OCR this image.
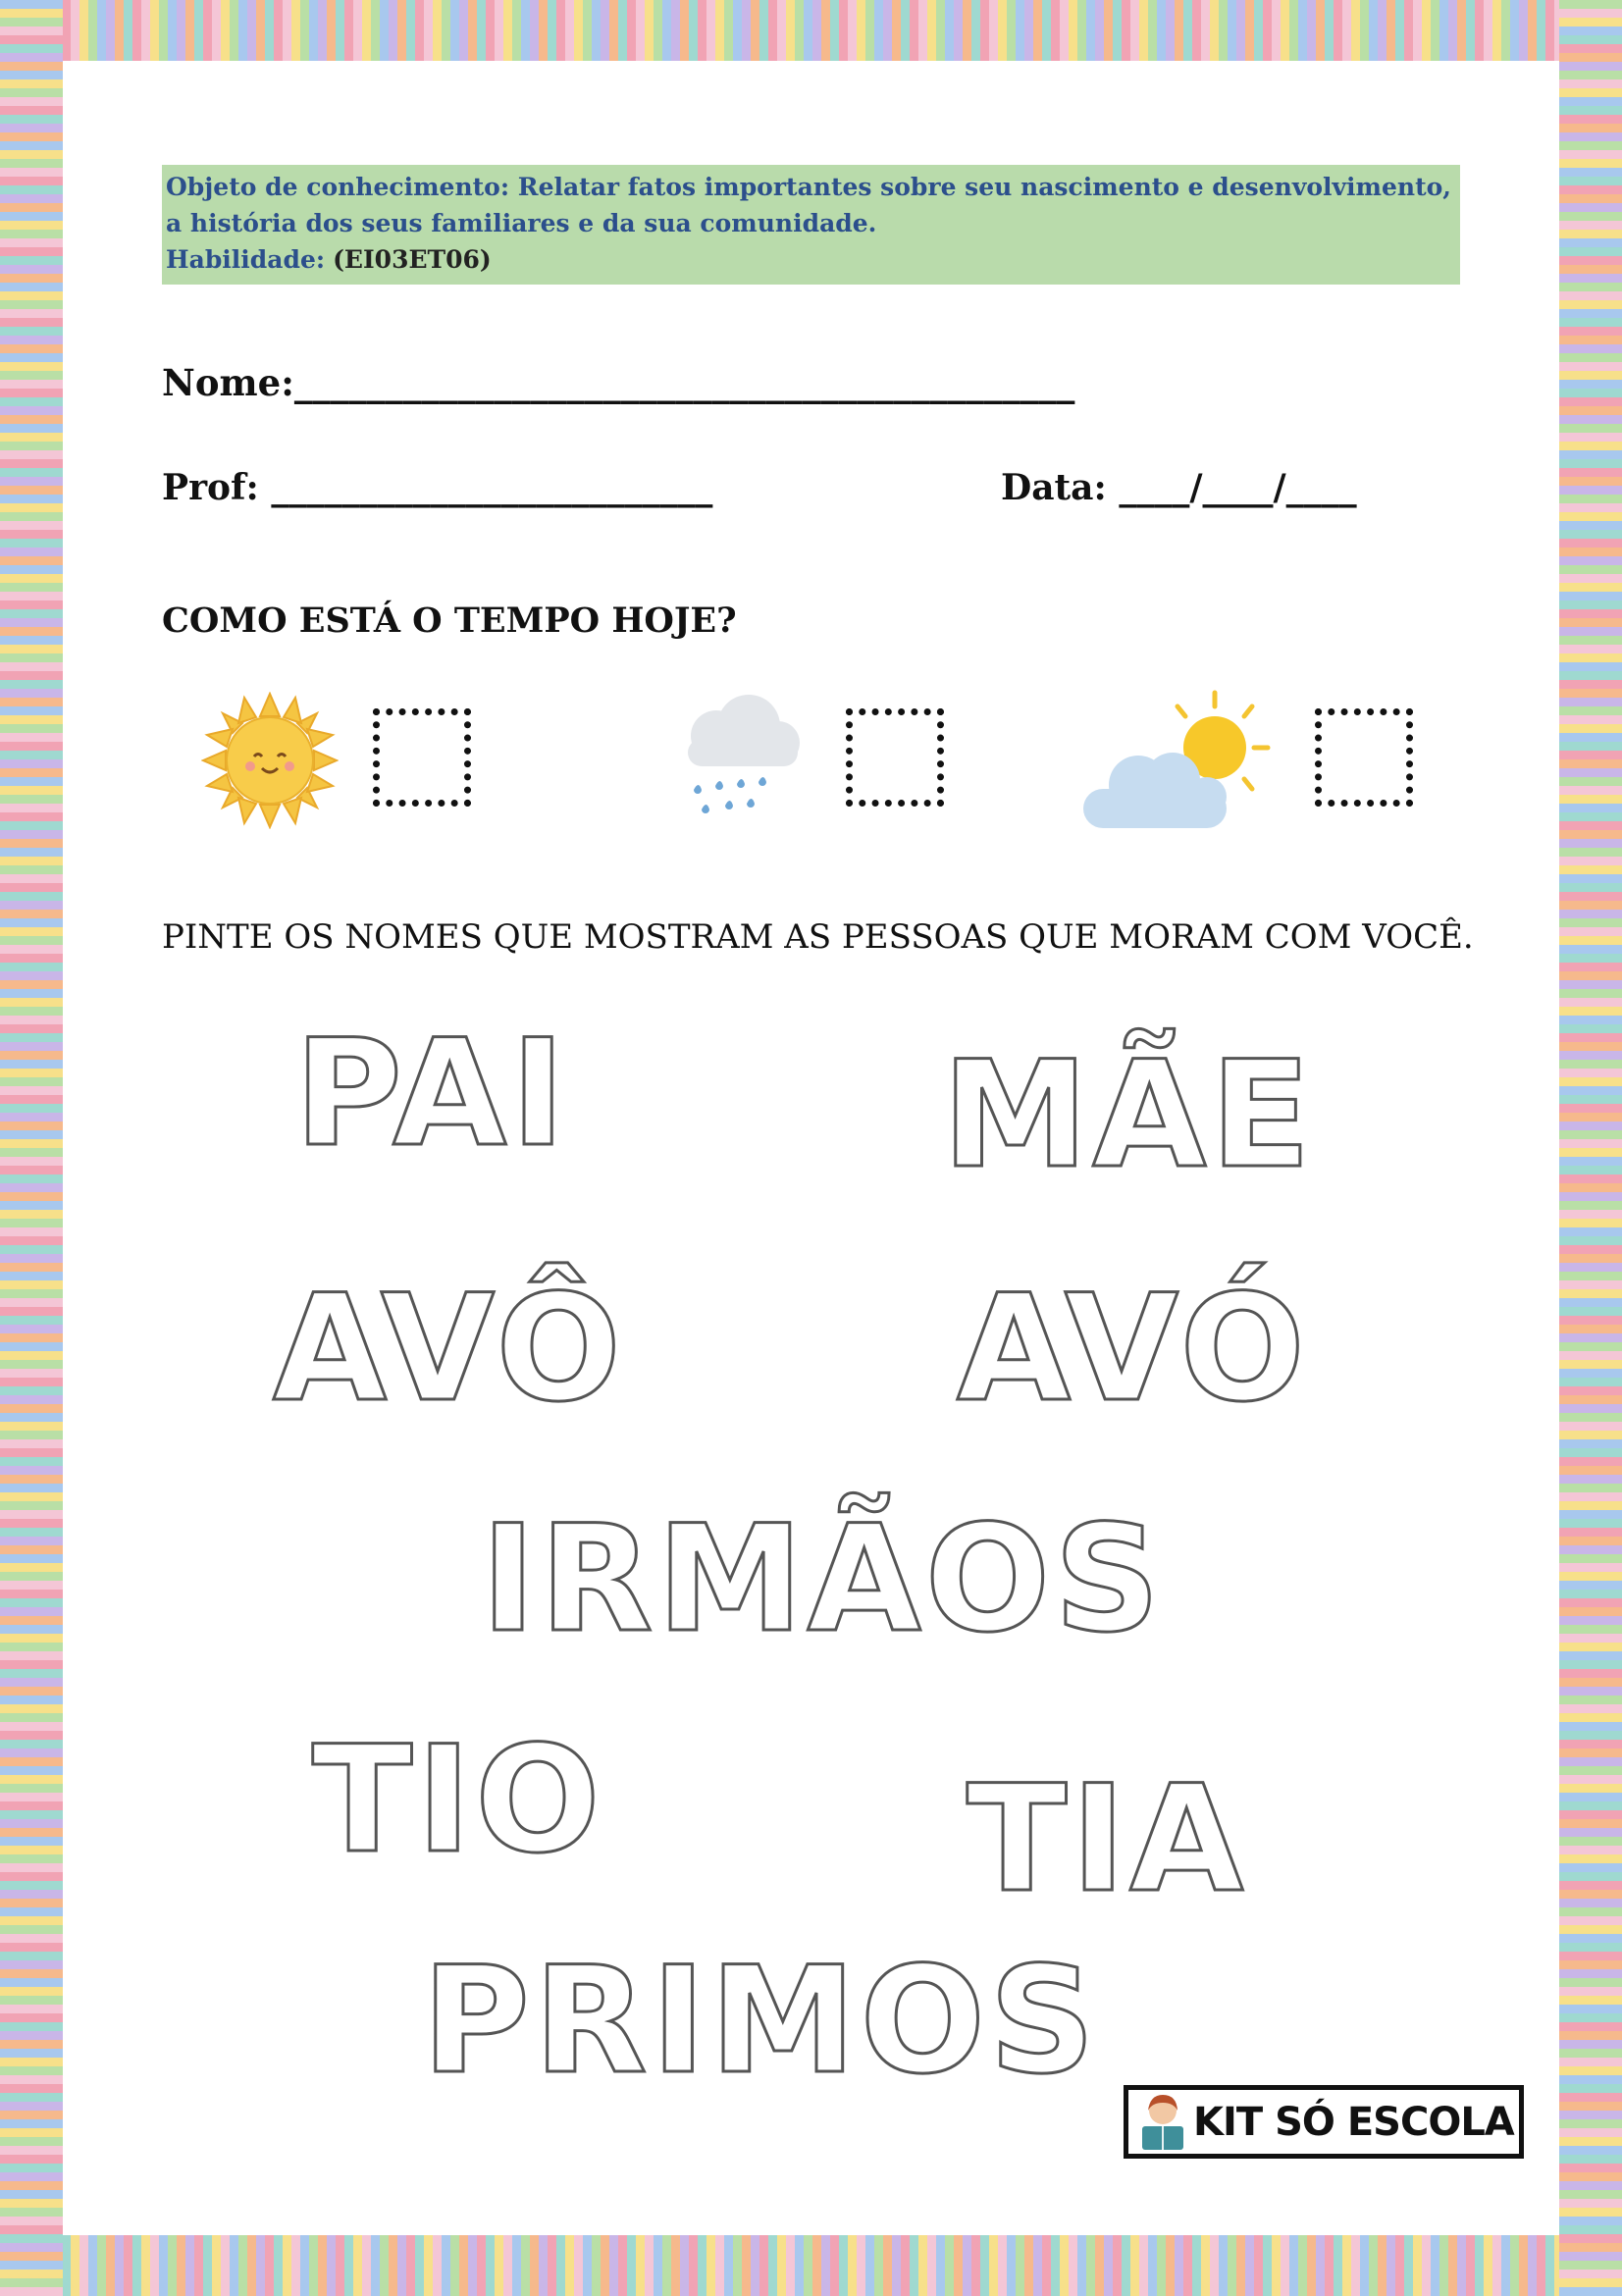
Objeto de conhecimento: Relatar fatos importantes sobre seu nascimento e desenvolvimento, a história dos seus familiares e da sua comunidade.
Habilidade: (EI03ET06)
Nome:___________________________________________
Prof: _________________________	Data: ____/____/____
COMO ESTÁ O TEMPO HOJE?
PINTE OS NOMES QUE MOSTRAM AS PESSOAS QUE MORAM COM VOCÊ.
PAI	MÃE
AVÔ AVÓ
IRMÃOS
TIO TIA
PRIMOS
KIT SÓ ESCOLA
